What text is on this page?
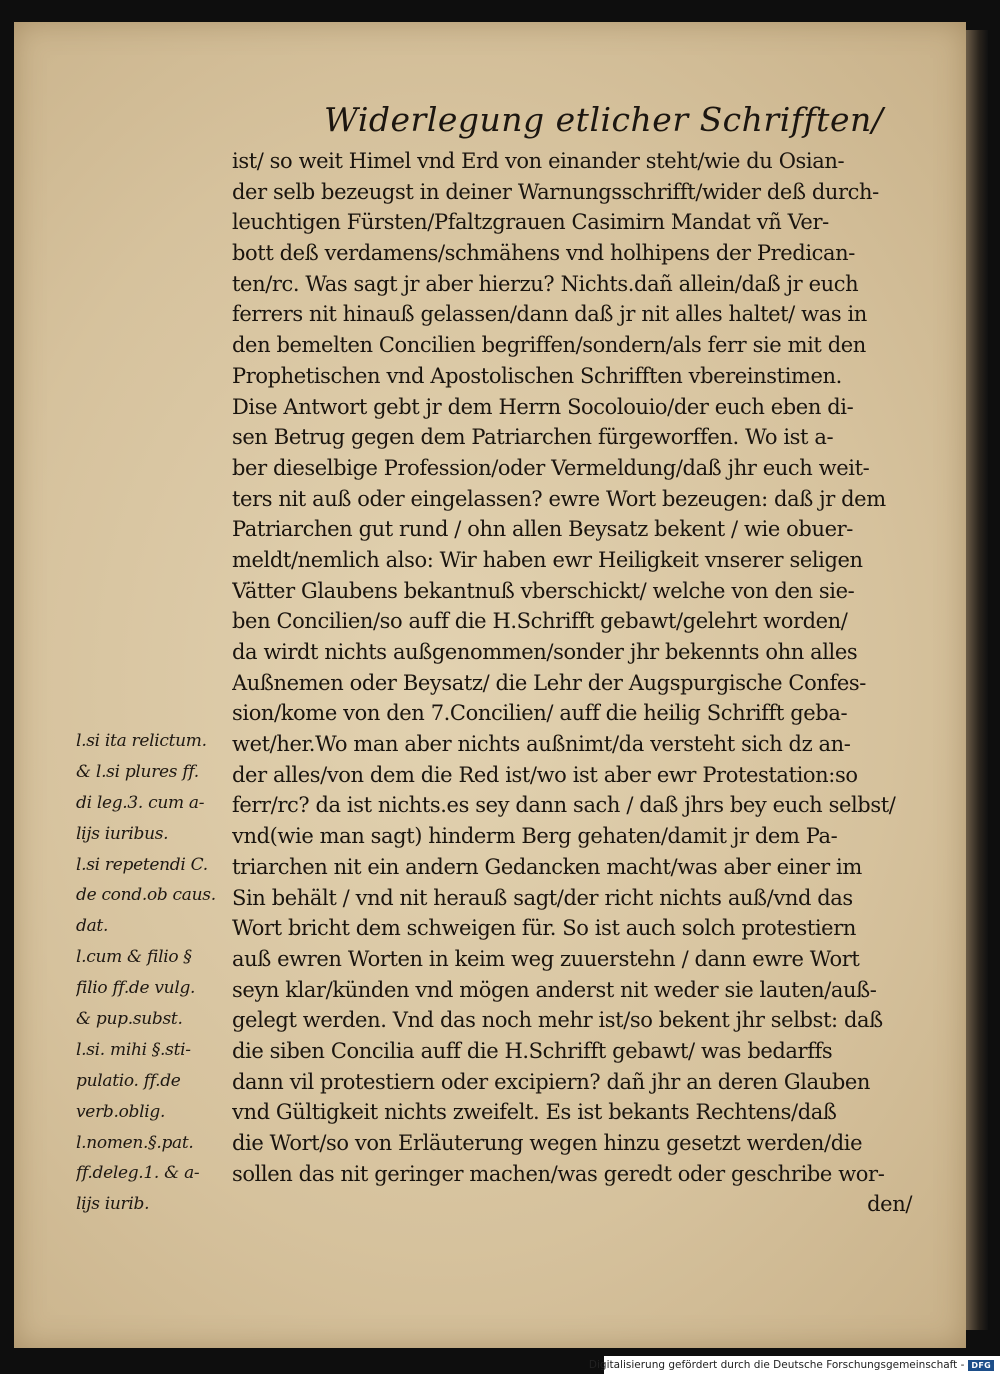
Widerlegung etlicher Schrifften/
ist/ so weit Himel vnd Erd von einander steht/wie du Osian-
der selb bezeugst in deiner Warnungsschrifft/wider deß durch-
leuchtigen Fürsten/Pfaltzgrauen Casimirn Mandat vñ Ver-
bott deß verdamens/schmähens vnd holhipens der Predican-
ten/rc. Was sagt jr aber hierzu? Nichts.dañ allein/daß jr euch
ferrers nit hinauß gelassen/dann daß jr nit alles haltet/ was in
den bemelten Concilien begriffen/sondern/als ferr sie mit den
Prophetischen vnd Apostolischen Schrifften vbereinstimen.
Dise Antwort gebt jr dem Herrn Socolouio/der euch eben di-
sen Betrug gegen dem Patriarchen fürgeworffen. Wo ist a-
ber dieselbige Profession/oder Vermeldung/daß jhr euch weit-
ters nit auß oder eingelassen? ewre Wort bezeugen: daß jr dem
Patriarchen gut rund / ohn allen Beysatz bekent / wie obuer-
meldt/nemlich also: Wir haben ewr Heiligkeit vnserer seligen
Vätter Glaubens bekantnuß vberschickt/ welche von den sie-
ben Concilien/so auff die H.Schrifft gebawt/gelehrt worden/
da wirdt nichts außgenommen/sonder jhr bekennts ohn alles
Außnemen oder Beysatz/ die Lehr der Augspurgische Confes-
sion/kome von den 7.Concilien/ auff die heilig Schrifft geba-
wet/her.Wo man aber nichts außnimt/da versteht sich dz an-
der alles/von dem die Red ist/wo ist aber ewr Protestation:so
ferr/rc? da ist nichts.es sey dann sach / daß jhrs bey euch selbst/
vnd(wie man sagt) hinderm Berg gehaten/damit jr dem Pa-
triarchen nit ein andern Gedancken macht/was aber einer im
Sin behält / vnd nit herauß sagt/der richt nichts auß/vnd das
Wort bricht dem schweigen für. So ist auch solch protestiern
auß ewren Worten in keim weg zuuerstehn / dann ewre Wort
seyn klar/künden vnd mögen anderst nit weder sie lauten/auß-
gelegt werden. Vnd das noch mehr ist/so bekent jhr selbst: daß
die siben Concilia auff die H.Schrifft gebawt/ was bedarffs
dann vil protestiern oder excipiern? dañ jhr an deren Glauben
vnd Gültigkeit nichts zweifelt. Es ist bekants Rechtens/daß
die Wort/so von Erläuterung wegen hinzu gesetzt werden/die
sollen das nit geringer machen/was geredt oder geschribe wor-
den/
l.si ita relictum.
& l.si plures ff.
di leg.3. cum a-
lijs iuribus.
l.si repetendi C.
de cond.ob caus.
dat.
l.cum & filio §
filio ff.de vulg.
& pup.subst.
l.si. mihi §.sti-
pulatio. ff.de
verb.oblig.
l.nomen.§.pat.
ff.deleg.1. & a-
lijs iurib.
Digitalisierung gefördert durch die Deutsche Forschungsgemeinschaft - DFG
